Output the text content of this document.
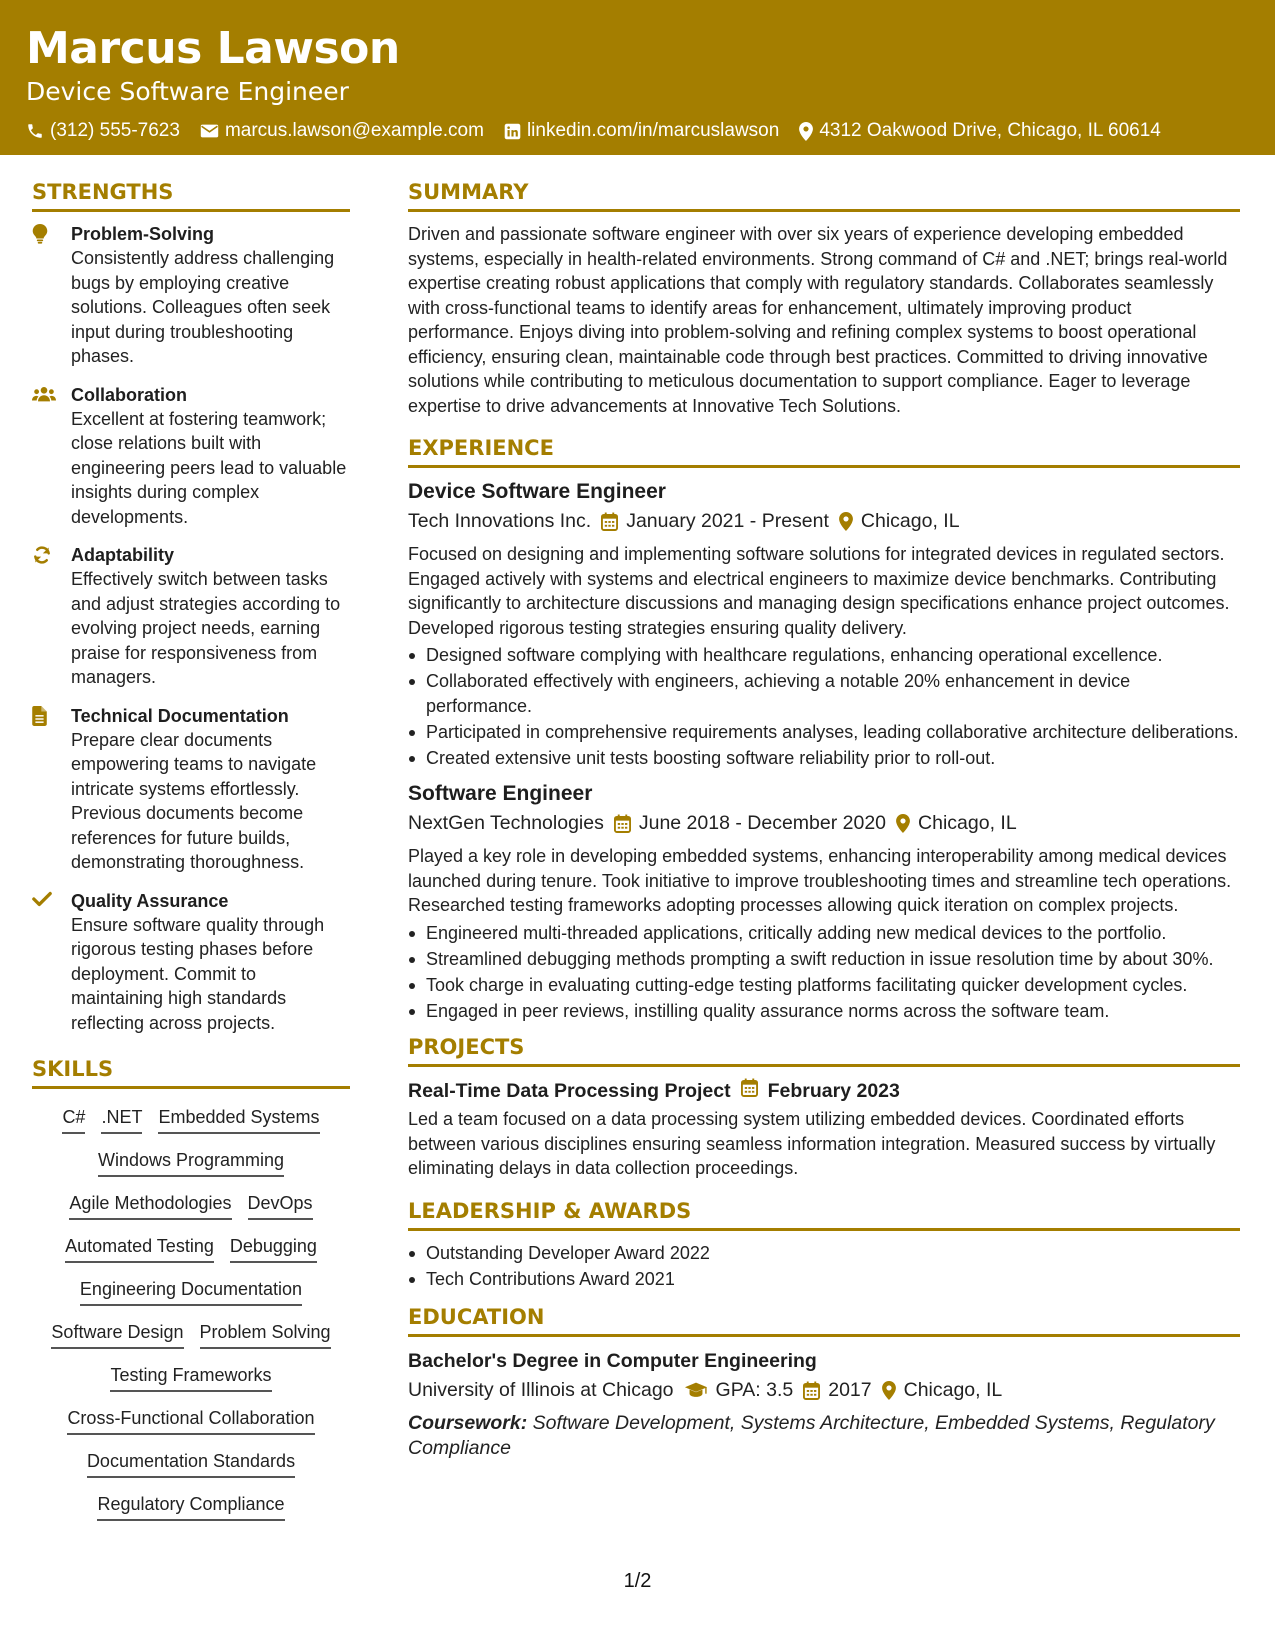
Marcus Lawson
Device Software Engineer
(312) 555-7623 marcus.lawson@example.com linkedin.com/in/marcuslawson 4312 Oakwood Drive, Chicago, IL 60614
STRENGTHS
Problem-Solving
Consistently address challenging bugs by employing creative solutions. Colleagues often seek input during troubleshooting phases.
Collaboration
Excellent at fostering teamwork; close relations built with engineering peers lead to valuable insights during complex developments.
Adaptability
Effectively switch between tasks and adjust strategies according to evolving project needs, earning praise for responsiveness from managers.
Technical Documentation
Prepare clear documents empowering teams to navigate intricate systems effortlessly. Previous documents become references for future builds, demonstrating thoroughness.
Quality Assurance
Ensure software quality through rigorous testing phases before deployment. Commit to maintaining high standards reflecting across projects.
SKILLS
C# .NET Embedded Systems
Windows Programming
Agile Methodologies DevOps
Automated Testing Debugging
Engineering Documentation
Software Design Problem Solving
Testing Frameworks
Cross-Functional Collaboration
Documentation Standards
Regulatory Compliance
SUMMARY
Driven and passionate software engineer with over six years of experience developing embedded systems, especially in health-related environments. Strong command of C# and .NET; brings real-world expertise creating robust applications that comply with regulatory standards. Collaborates seamlessly with cross-functional teams to identify areas for enhancement, ultimately improving product performance. Enjoys diving into problem-solving and refining complex systems to boost operational efficiency, ensuring clean, maintainable code through best practices. Committed to driving innovative solutions while contributing to meticulous documentation to support compliance. Eager to leverage expertise to drive advancements at Innovative Tech Solutions.
EXPERIENCE
Device Software Engineer
Tech Innovations Inc. January 2021 - Present Chicago, IL
Focused on designing and implementing software solutions for integrated devices in regulated sectors. Engaged actively with systems and electrical engineers to maximize device benchmarks. Contributing significantly to architecture discussions and managing design specifications enhance project outcomes. Developed rigorous testing strategies ensuring quality delivery.
Designed software complying with healthcare regulations, enhancing operational excellence.
Collaborated effectively with engineers, achieving a notable 20% enhancement in device performance.
Participated in comprehensive requirements analyses, leading collaborative architecture deliberations.
Created extensive unit tests boosting software reliability prior to roll-out.
Software Engineer
NextGen Technologies June 2018 - December 2020 Chicago, IL
Played a key role in developing embedded systems, enhancing interoperability among medical devices launched during tenure. Took initiative to improve troubleshooting times and streamline tech operations. Researched testing frameworks adopting processes allowing quick iteration on complex projects.
Engineered multi-threaded applications, critically adding new medical devices to the portfolio.
Streamlined debugging methods prompting a swift reduction in issue resolution time by about 30%.
Took charge in evaluating cutting-edge testing platforms facilitating quicker development cycles.
Engaged in peer reviews, instilling quality assurance norms across the software team.
PROJECTS
Real-Time Data Processing Project February 2023
Led a team focused on a data processing system utilizing embedded devices. Coordinated efforts between various disciplines ensuring seamless information integration. Measured success by virtually eliminating delays in data collection proceedings.
LEADERSHIP & AWARDS
Outstanding Developer Award 2022
Tech Contributions Award 2021
EDUCATION
Bachelor's Degree in Computer Engineering
University of Illinois at Chicago GPA: 3.5 2017 Chicago, IL
Coursework: Software Development, Systems Architecture, Embedded Systems, Regulatory Compliance
1/2
